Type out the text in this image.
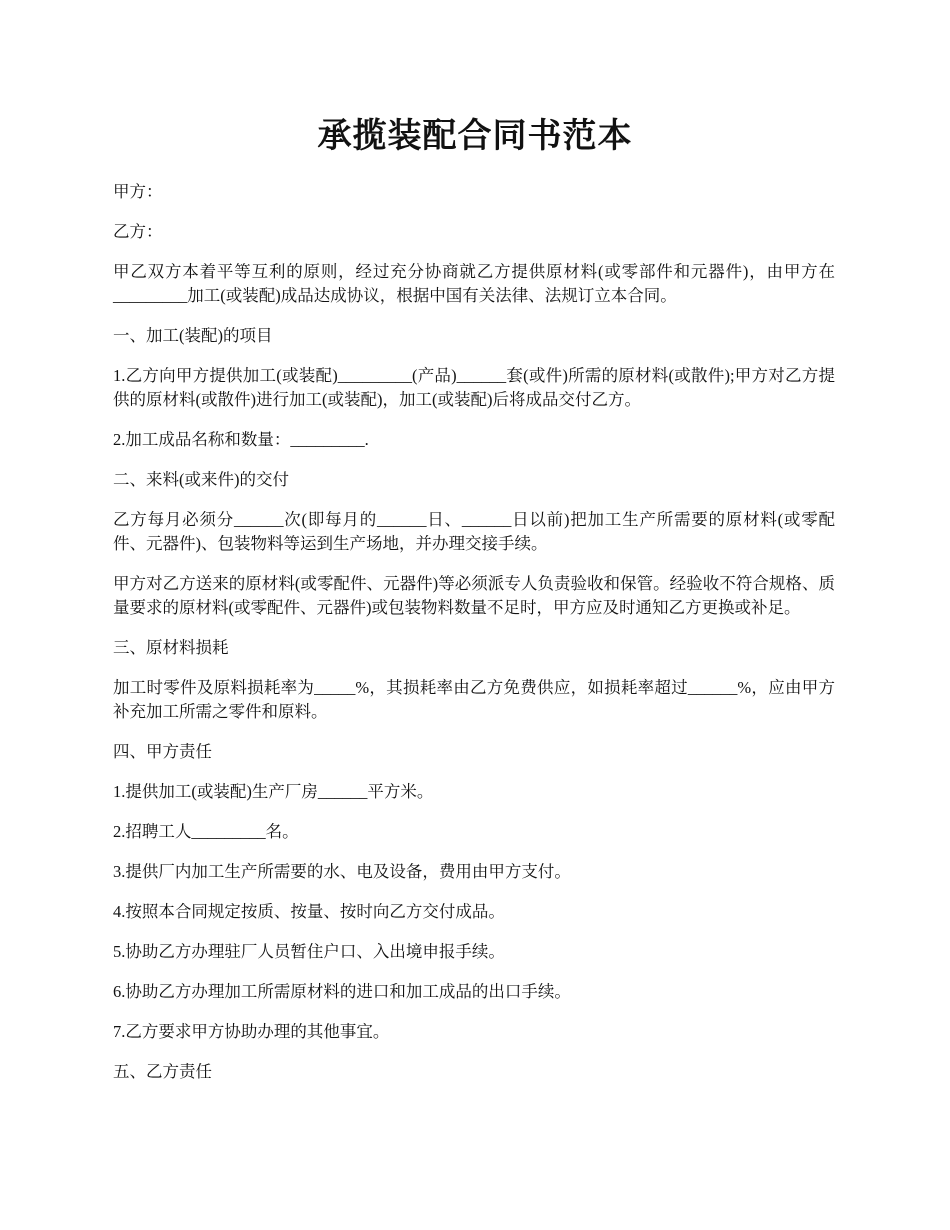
承揽装配合同书范本

甲方：

乙方：

甲乙双方本着平等互利的原则，经过充分协商就乙方提供原材料(或零部件和元器件)，由甲方在_________加工(或装配)成品达成协议，根据中国有关法律、法规订立本合同。

一、加工(装配)的项目

1.乙方向甲方提供加工(或装配)_________(产品)______套(或件)所需的原材料(或散件);甲方对乙方提供的原材料(或散件)进行加工(或装配)，加工(或装配)后将成品交付乙方。

2.加工成品名称和数量：_________.

二、来料(或来件)的交付

乙方每月必须分______次(即每月的______日、______日以前)把加工生产所需要的原材料(或零配件、元器件)、包装物料等运到生产场地，并办理交接手续。

甲方对乙方送来的原材料(或零配件、元器件)等必须派专人负责验收和保管。经验收不符合规格、质量要求的原材料(或零配件、元器件)或包装物料数量不足时，甲方应及时通知乙方更换或补足。

三、原材料损耗

加工时零件及原料损耗率为_____%，其损耗率由乙方免费供应，如损耗率超过______%，应由甲方补充加工所需之零件和原料。

四、甲方责任

1.提供加工(或装配)生产厂房______平方米。

2.招聘工人_________名。

3.提供厂内加工生产所需要的水、电及设备，费用由甲方支付。

4.按照本合同规定按质、按量、按时向乙方交付成品。

5.协助乙方办理驻厂人员暂住户口、入出境申报手续。

6.协助乙方办理加工所需原材料的进口和加工成品的出口手续。

7.乙方要求甲方协助办理的其他事宜。

五、乙方责任
